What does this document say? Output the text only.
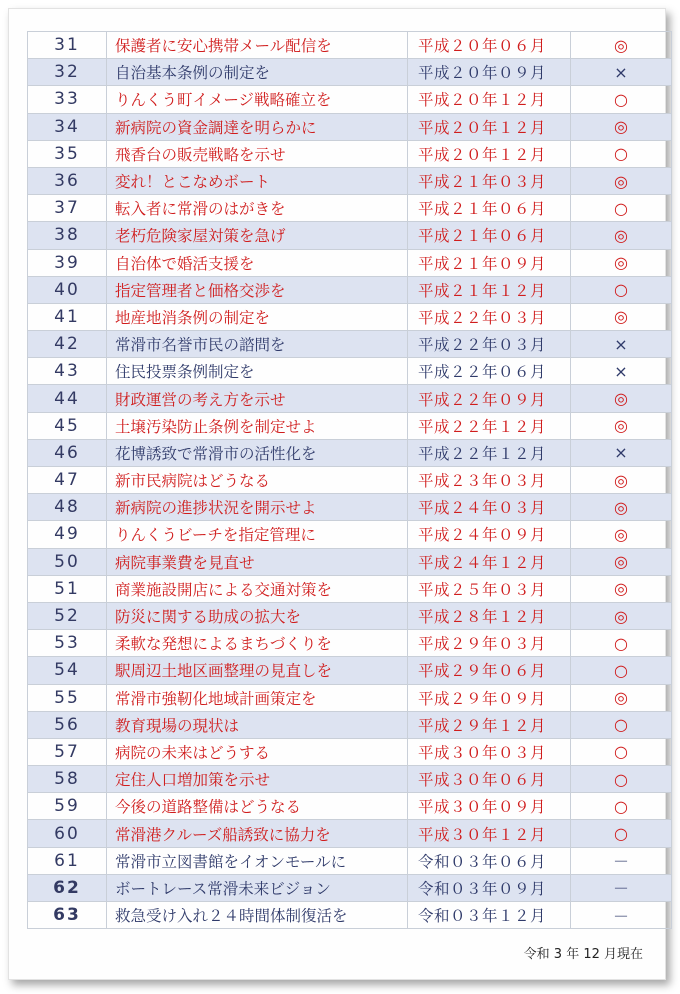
31	保護者に安心携帯メール配信を	平成２０年０６月	◎
32	自治基本条例の制定を	平成２０年０９月	×
33	りんくう町イメージ戦略確立を	平成２０年１２月	○
34	新病院の資金調達を明らかに	平成２０年１２月	◎
35	飛香台の販売戦略を示せ	平成２０年１２月	○
36	変れ！とこなめボート	平成２１年０３月	◎
37	転入者に常滑のはがきを	平成２１年０６月	○
38	老朽危険家屋対策を急げ	平成２１年０６月	◎
39	自治体で婚活支援を	平成２１年０９月	◎
40	指定管理者と価格交渉を	平成２１年１２月	○
41	地産地消条例の制定を	平成２２年０３月	◎
42	常滑市名誉市民の諮問を	平成２２年０３月	×
43	住民投票条例制定を	平成２２年０６月	×
44	財政運営の考え方を示せ	平成２２年０９月	◎
45	土壌汚染防止条例を制定せよ	平成２２年１２月	◎
46	花博誘致で常滑市の活性化を	平成２２年１２月	×
47	新市民病院はどうなる	平成２３年０３月	◎
48	新病院の進捗状況を開示せよ	平成２４年０３月	◎
49	りんくうビーチを指定管理に	平成２４年０９月	◎
50	病院事業費を見直せ	平成２４年１２月	◎
51	商業施設開店による交通対策を	平成２５年０３月	◎
52	防災に関する助成の拡大を	平成２８年１２月	◎
53	柔軟な発想によるまちづくりを	平成２９年０３月	○
54	駅周辺土地区画整理の見直しを	平成２９年０６月	○
55	常滑市強靭化地域計画策定を	平成２９年０９月	◎
56	教育現場の現状は	平成２９年１２月	○
57	病院の未来はどうする	平成３０年０３月	○
58	定住人口増加策を示せ	平成３０年０６月	○
59	今後の道路整備はどうなる	平成３０年０９月	○
60	常滑港クルーズ船誘致に協力を	平成３０年１２月	○
61	常滑市立図書館をイオンモールに	令和０３年０６月	－
62	ボートレース常滑未来ビジョン	令和０３年０９月	－
63	救急受け入れ２４時間体制復活を	令和０３年１２月	－
令和 3 年 12 月現在
